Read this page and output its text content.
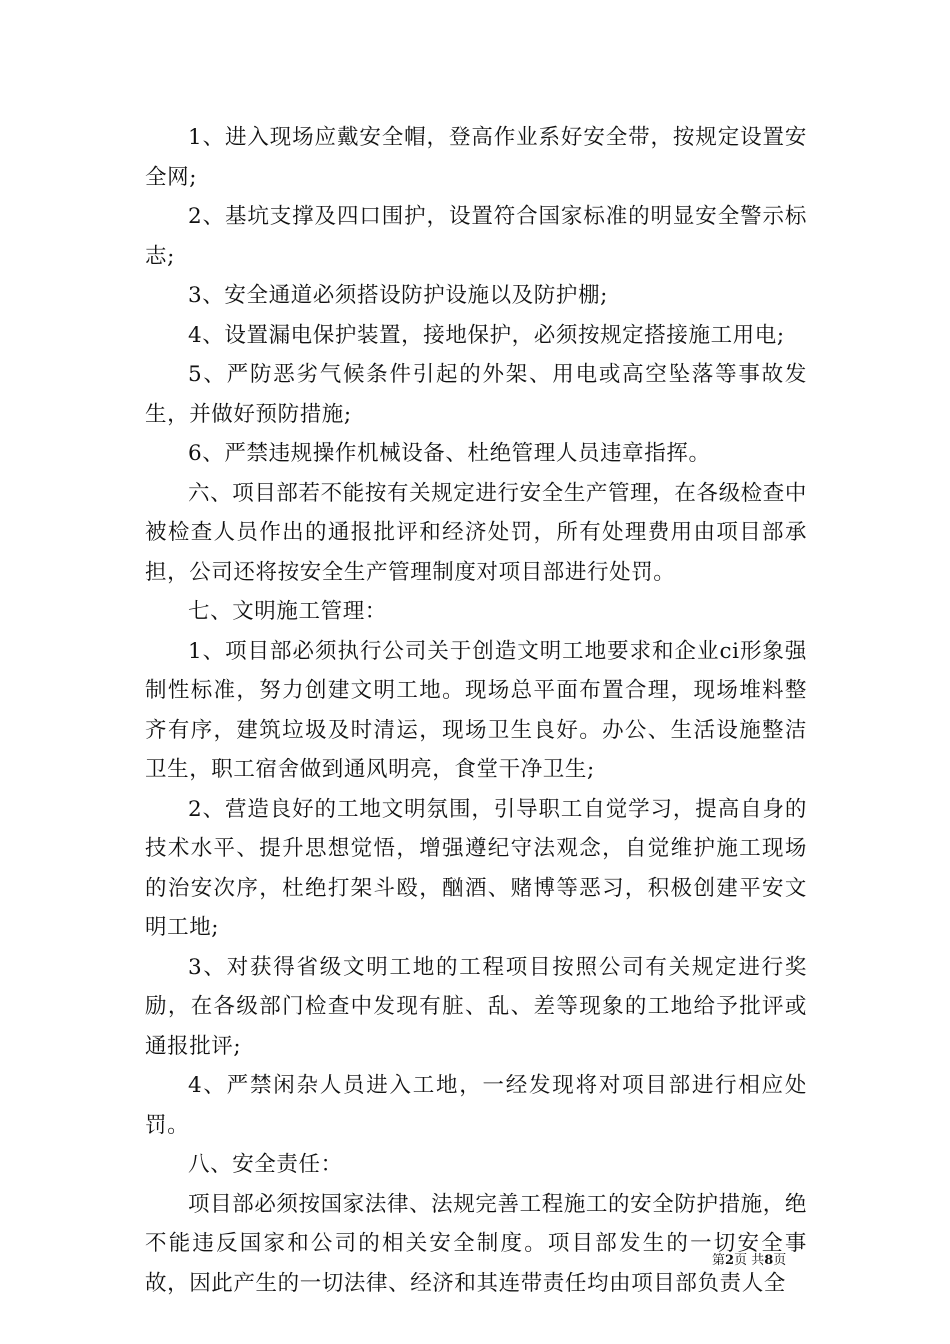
1、进入现场应戴安全帽，登高作业系好安全带，按规定设置安全网;

2、基坑支撑及四口围护，设置符合国家标准的明显安全警示标志;

3、安全通道必须搭设防护设施以及防护棚;

4、设置漏电保护装置，接地保护，必须按规定搭接施工用电;

5、严防恶劣气候条件引起的外架、用电或高空坠落等事故发生，并做好预防措施;

6、严禁违规操作机械设备、杜绝管理人员违章指挥。

六、项目部若不能按有关规定进行安全生产管理，在各级检查中被检查人员作出的通报批评和经济处罚，所有处理费用由项目部承担，公司还将按安全生产管理制度对项目部进行处罚。

七、文明施工管理：

1、项目部必须执行公司关于创造文明工地要求和企业ci形象强制性标准，努力创建文明工地。现场总平面布置合理，现场堆料整齐有序，建筑垃圾及时清运，现场卫生良好。办公、生活设施整洁卫生，职工宿舍做到通风明亮，食堂干净卫生;

2、营造良好的工地文明氛围，引导职工自觉学习，提高自身的技术水平、提升思想觉悟，增强遵纪守法观念，自觉维护施工现场的治安次序，杜绝打架斗殴，酗酒、赌博等恶习，积极创建平安文明工地;

3、对获得省级文明工地的工程项目按照公司有关规定进行奖励，在各级部门检查中发现有脏、乱、差等现象的工地给予批评或通报批评;

4、严禁闲杂人员进入工地，一经发现将对项目部进行相应处罚。

八、安全责任：

项目部必须按国家法律、法规完善工程施工的安全防护措施，绝不能违反国家和公司的相关安全制度。项目部发生的一切安全事故，因此产生的一切法律、经济和其连带责任均由项目部负责人全

第2页 共8页
